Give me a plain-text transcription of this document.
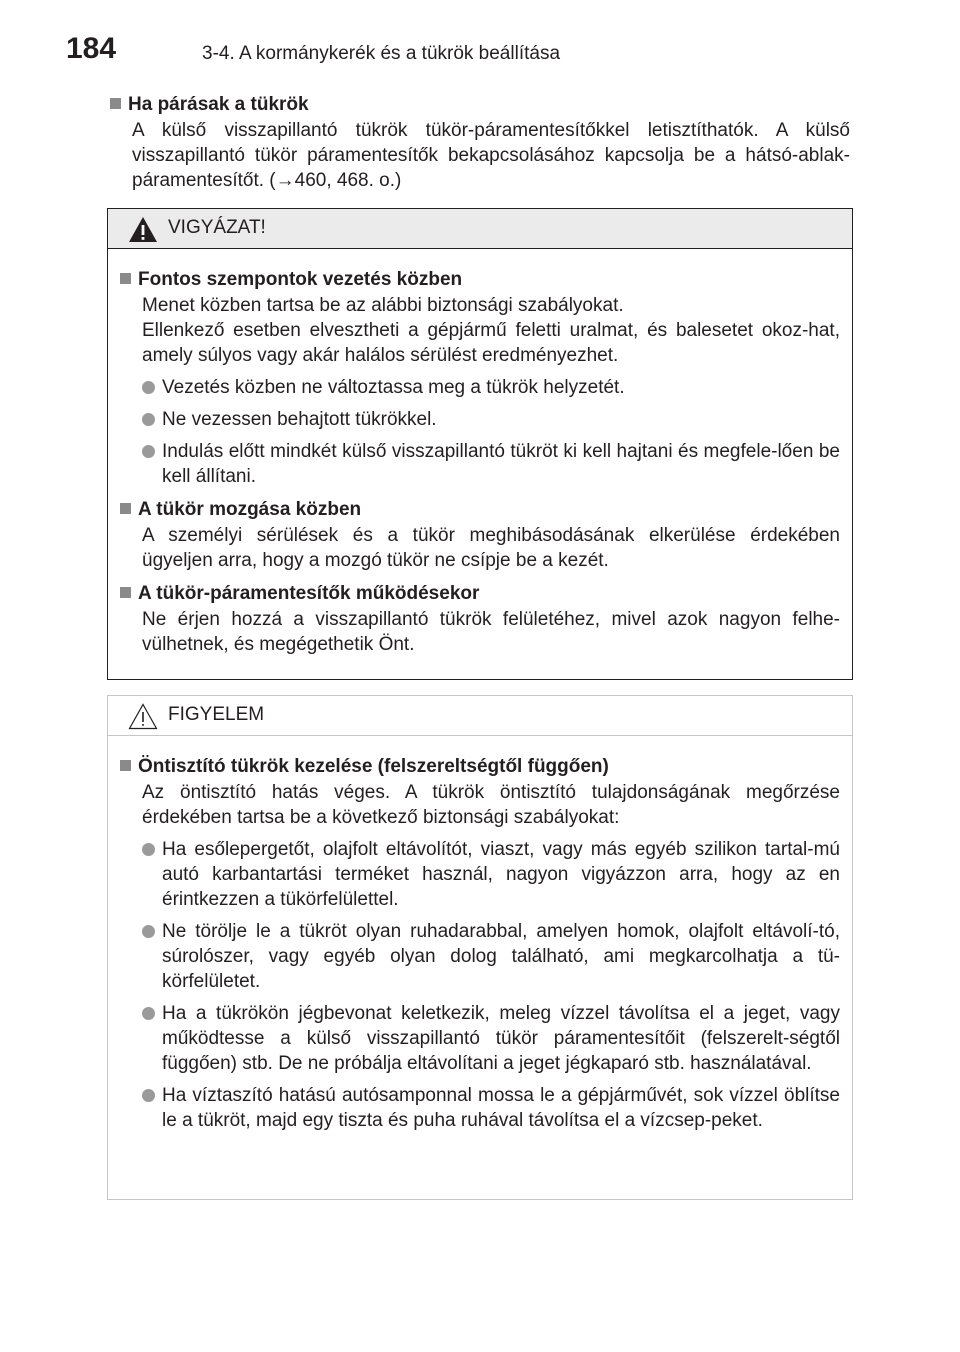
184	3-4. A kormánykerék és a tükrök beállítása
Ha párásak a tükrök
A külső visszapillantó tükrök tükör-páramentesítőkkel letisztíthatók. A külső visszapillantó tükör páramentesítők bekapcsolásához kapcsolja be a hátsó-ablak-páramentesítőt. (→460, 468. o.)
VIGYÁZAT!
Fontos szempontok vezetés közben
Menet közben tartsa be az alábbi biztonsági szabályokat.
Ellenkező esetben elvesztheti a gépjármű feletti uralmat, és balesetet okoz-hat, amely súlyos vagy akár halálos sérülést eredményezhet.
Vezetés közben ne változtassa meg a tükrök helyzetét.
Ne vezessen behajtott tükrökkel.
Indulás előtt mindkét külső visszapillantó tükröt ki kell hajtani és megfele-lően be kell állítani.
A tükör mozgása közben
A személyi sérülések és a tükör meghibásodásának elkerülése érdekében ügyeljen arra, hogy a mozgó tükör ne csípje be a kezét.
A tükör-páramentesítők működésekor
Ne érjen hozzá a visszapillantó tükrök felületéhez, mivel azok nagyon felhe-vülhetnek, és megégethetik Önt.
FIGYELEM
Öntisztító tükrök kezelése (felszereltségtől függően)
Az öntisztító hatás véges. A tükrök öntisztító tulajdonságának megőrzése érdekében tartsa be a következő biztonsági szabályokat:
Ha esőlepergetőt, olajfolt eltávolítót, viaszt, vagy más egyéb szilikon tartal-mú autó karbantartási terméket használ, nagyon vigyázzon arra, hogy az en érintkezzen a tükörfelülettel.
Ne törölje le a tükröt olyan ruhadarabbal, amelyen homok, olajfolt eltávolí-tó, súrolószer, vagy egyéb olyan dolog található, ami megkarcolhatja a tü-körfelületet.
Ha a tükrökön jégbevonat keletkezik, meleg vízzel távolítsa el a jeget, vagy működtesse a külső visszapillantó tükör páramentesítőit (felszerelt-ségtől függően) stb. De ne próbálja eltávolítani a jeget jégkaparó stb. használatával.
Ha víztaszító hatású autósamponnal mossa le a gépjárművét, sok vízzel öblítse le a tükröt, majd egy tiszta és puha ruhával távolítsa el a vízcsep-peket.
